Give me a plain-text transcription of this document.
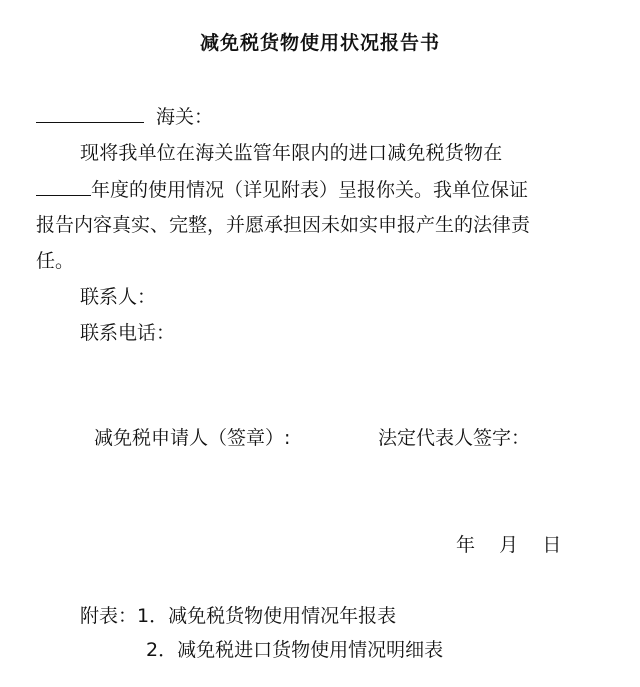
减免税货物使用状况报告书
海关：
现将我单位在海关监管年限内的进口减免税货物在
年度的使用情况（详见附表）呈报你关。我单位保证
报告内容真实、完整，并愿承担因未如实申报产生的法律责
任。
联系人：
联系电话：
减免税申请人（签章）:	法定代表人签字：
年    月    日
附表：1．减免税货物使用情况年报表
2．减免税进口货物使用情况明细表
